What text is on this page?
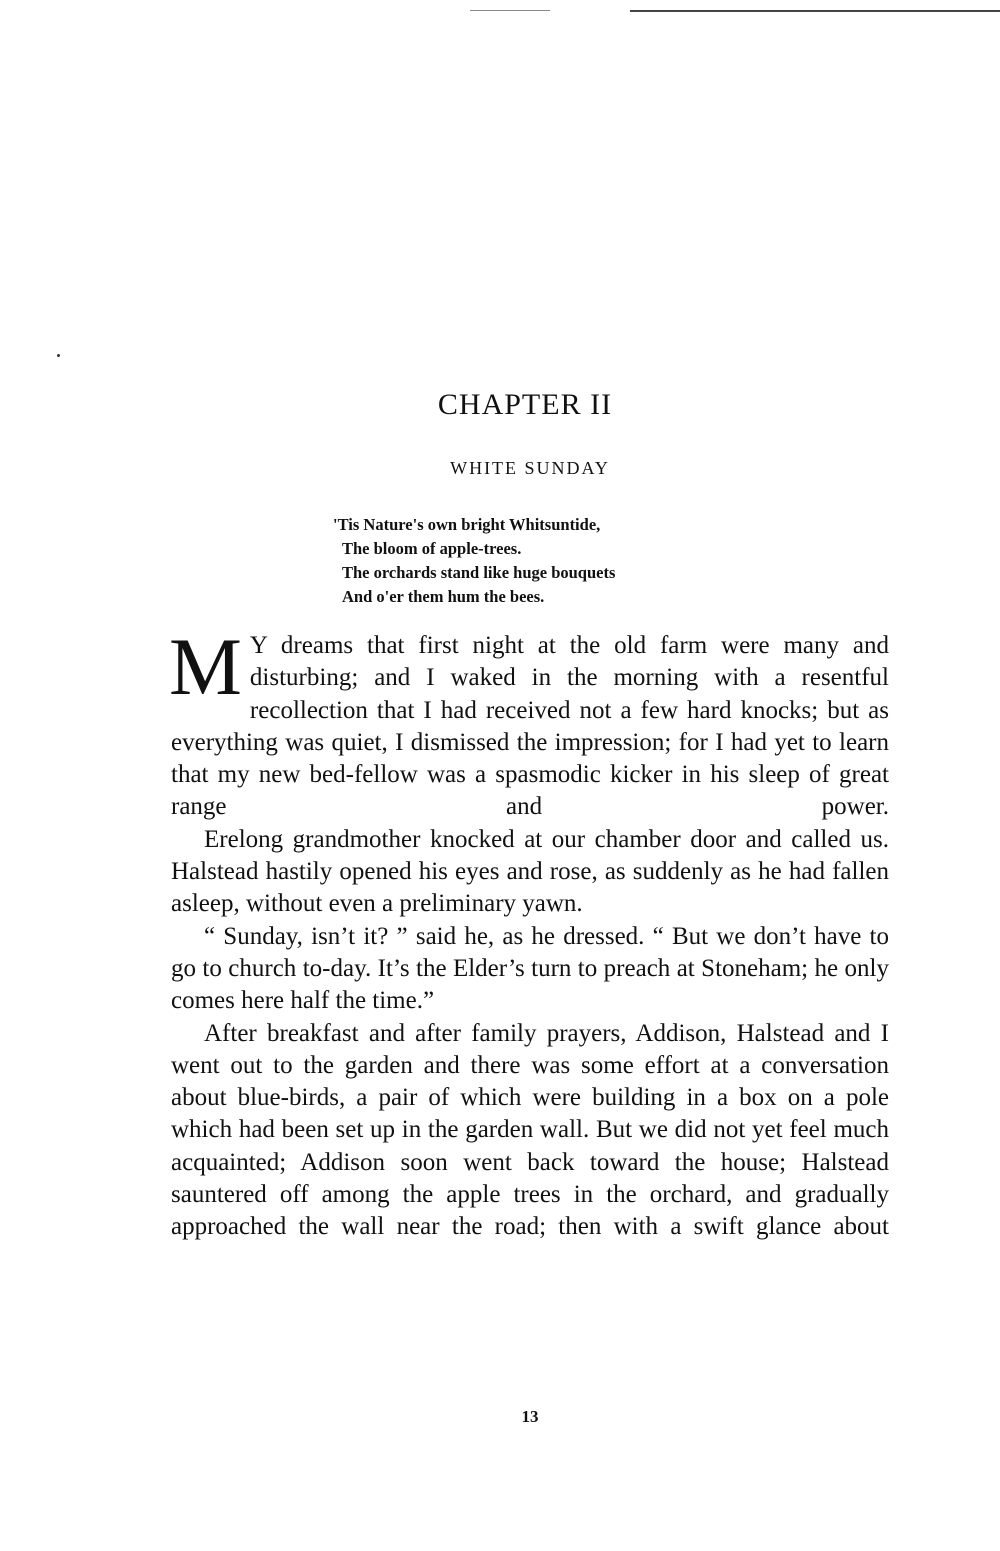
CHAPTER II
WHITE SUNDAY
'Tis Nature's own bright Whitsuntide,
The bloom of apple-trees.
The orchards stand like huge bouquets
And o'er them hum the bees.

M Y dreams that first night at the old farm were many and disturbing; and I waked in the morning with a resentful recollection that I had received not a few hard knocks; but as everything was quiet, I dismissed the impression; for I had yet to learn that my new bed-fellow was a spasmodic kicker in his sleep of great range and power.

Erelong grandmother knocked at our chamber door and called us. Halstead hastily opened his eyes and rose, as suddenly as he had fallen asleep, without even a preliminary yawn.

“ Sunday, isn’t it? ” said he, as he dressed. “ But we don’t have to go to church to-day. It’s the Elder’s turn to preach at Stoneham; he only comes here half the time.”

After breakfast and after family prayers, Addison, Halstead and I went out to the garden and there was some effort at a conversation about blue-birds, a pair of which were building in a box on a pole which had been set up in the garden wall. But we did not yet feel much acquainted; Addison soon went back toward the house; Halstead sauntered off among the apple trees in the orchard, and gradually approached the wall near the road; then with a swift glance about

13
